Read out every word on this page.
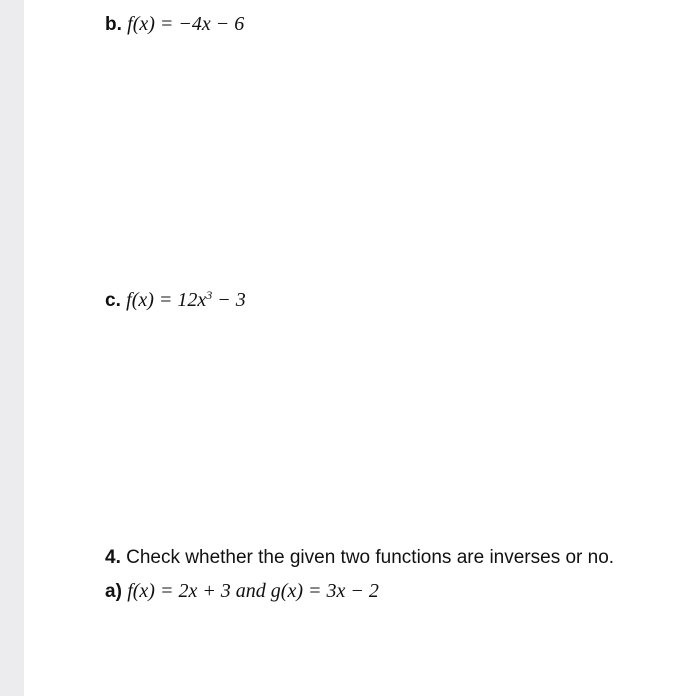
b. f(x) = −4x − 6
c. $f(x) = 12x^3 - 3$
4. Check whether the given two functions are inverses or no.
a) f(x) = 2x + 3 and g(x) = 3x − 2
